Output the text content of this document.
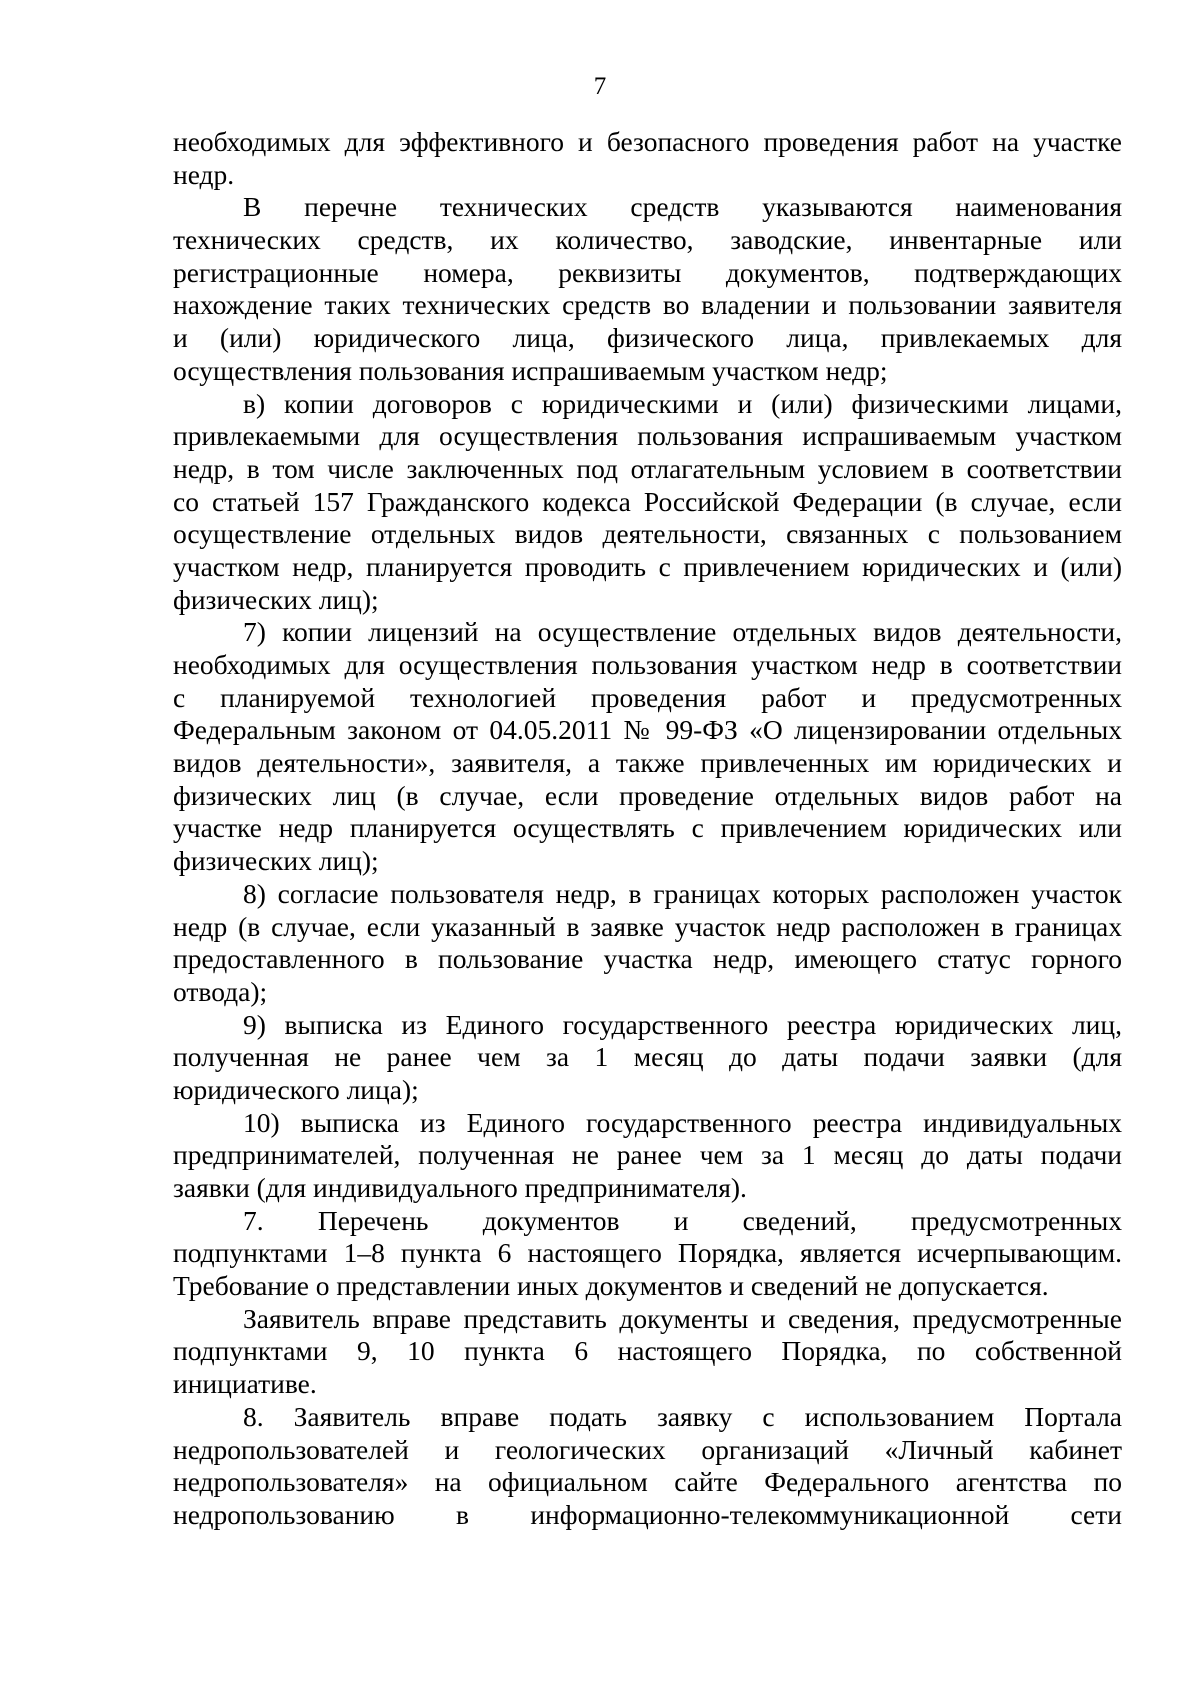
7
необходимых для эффективного и безопасного проведения работ на участке
недр.
В перечне технических средств указываются наименования
технических средств, их количество, заводские, инвентарные или
регистрационные номера, реквизиты документов, подтверждающих
нахождение таких технических средств во владении и пользовании заявителя
и (или) юридического лица, физического лица, привлекаемых для
осуществления пользования испрашиваемым участком недр;
в) копии договоров с юридическими и (или) физическими лицами,
привлекаемыми для осуществления пользования испрашиваемым участком
недр, в том числе заключенных под отлагательным условием в соответствии
со статьей 157 Гражданского кодекса Российской Федерации (в случае, если
осуществление отдельных видов деятельности, связанных с пользованием
участком недр, планируется проводить с привлечением юридических и (или)
физических лиц);
7) копии лицензий на осуществление отдельных видов деятельности,
необходимых для осуществления пользования участком недр в соответствии
с планируемой технологией проведения работ и предусмотренных
Федеральным законом от 04.05.2011 № 99-ФЗ «О лицензировании отдельных
видов деятельности», заявителя, а также привлеченных им юридических и
физических лиц (в случае, если проведение отдельных видов работ на
участке недр планируется осуществлять с привлечением юридических или
физических лиц);
8) согласие пользователя недр, в границах которых расположен участок
недр (в случае, если указанный в заявке участок недр расположен в границах
предоставленного в пользование участка недр, имеющего статус горного
отвода);
9) выписка из Единого государственного реестра юридических лиц,
полученная не ранее чем за 1 месяц до даты подачи заявки (для
юридического лица);
10) выписка из Единого государственного реестра индивидуальных
предпринимателей, полученная не ранее чем за 1 месяц до даты подачи
заявки (для индивидуального предпринимателя).
7. Перечень документов и сведений, предусмотренных
подпунктами 1–8 пункта 6 настоящего Порядка, является исчерпывающим.
Требование о представлении иных документов и сведений не допускается.
Заявитель вправе представить документы и сведения, предусмотренные
подпунктами 9, 10 пункта 6 настоящего Порядка, по собственной
инициативе.
8. Заявитель вправе подать заявку с использованием Портала
недропользователей и геологических организаций «Личный кабинет
недропользователя» на официальном сайте Федерального агентства по
недропользованию в информационно-телекоммуникационной сети
